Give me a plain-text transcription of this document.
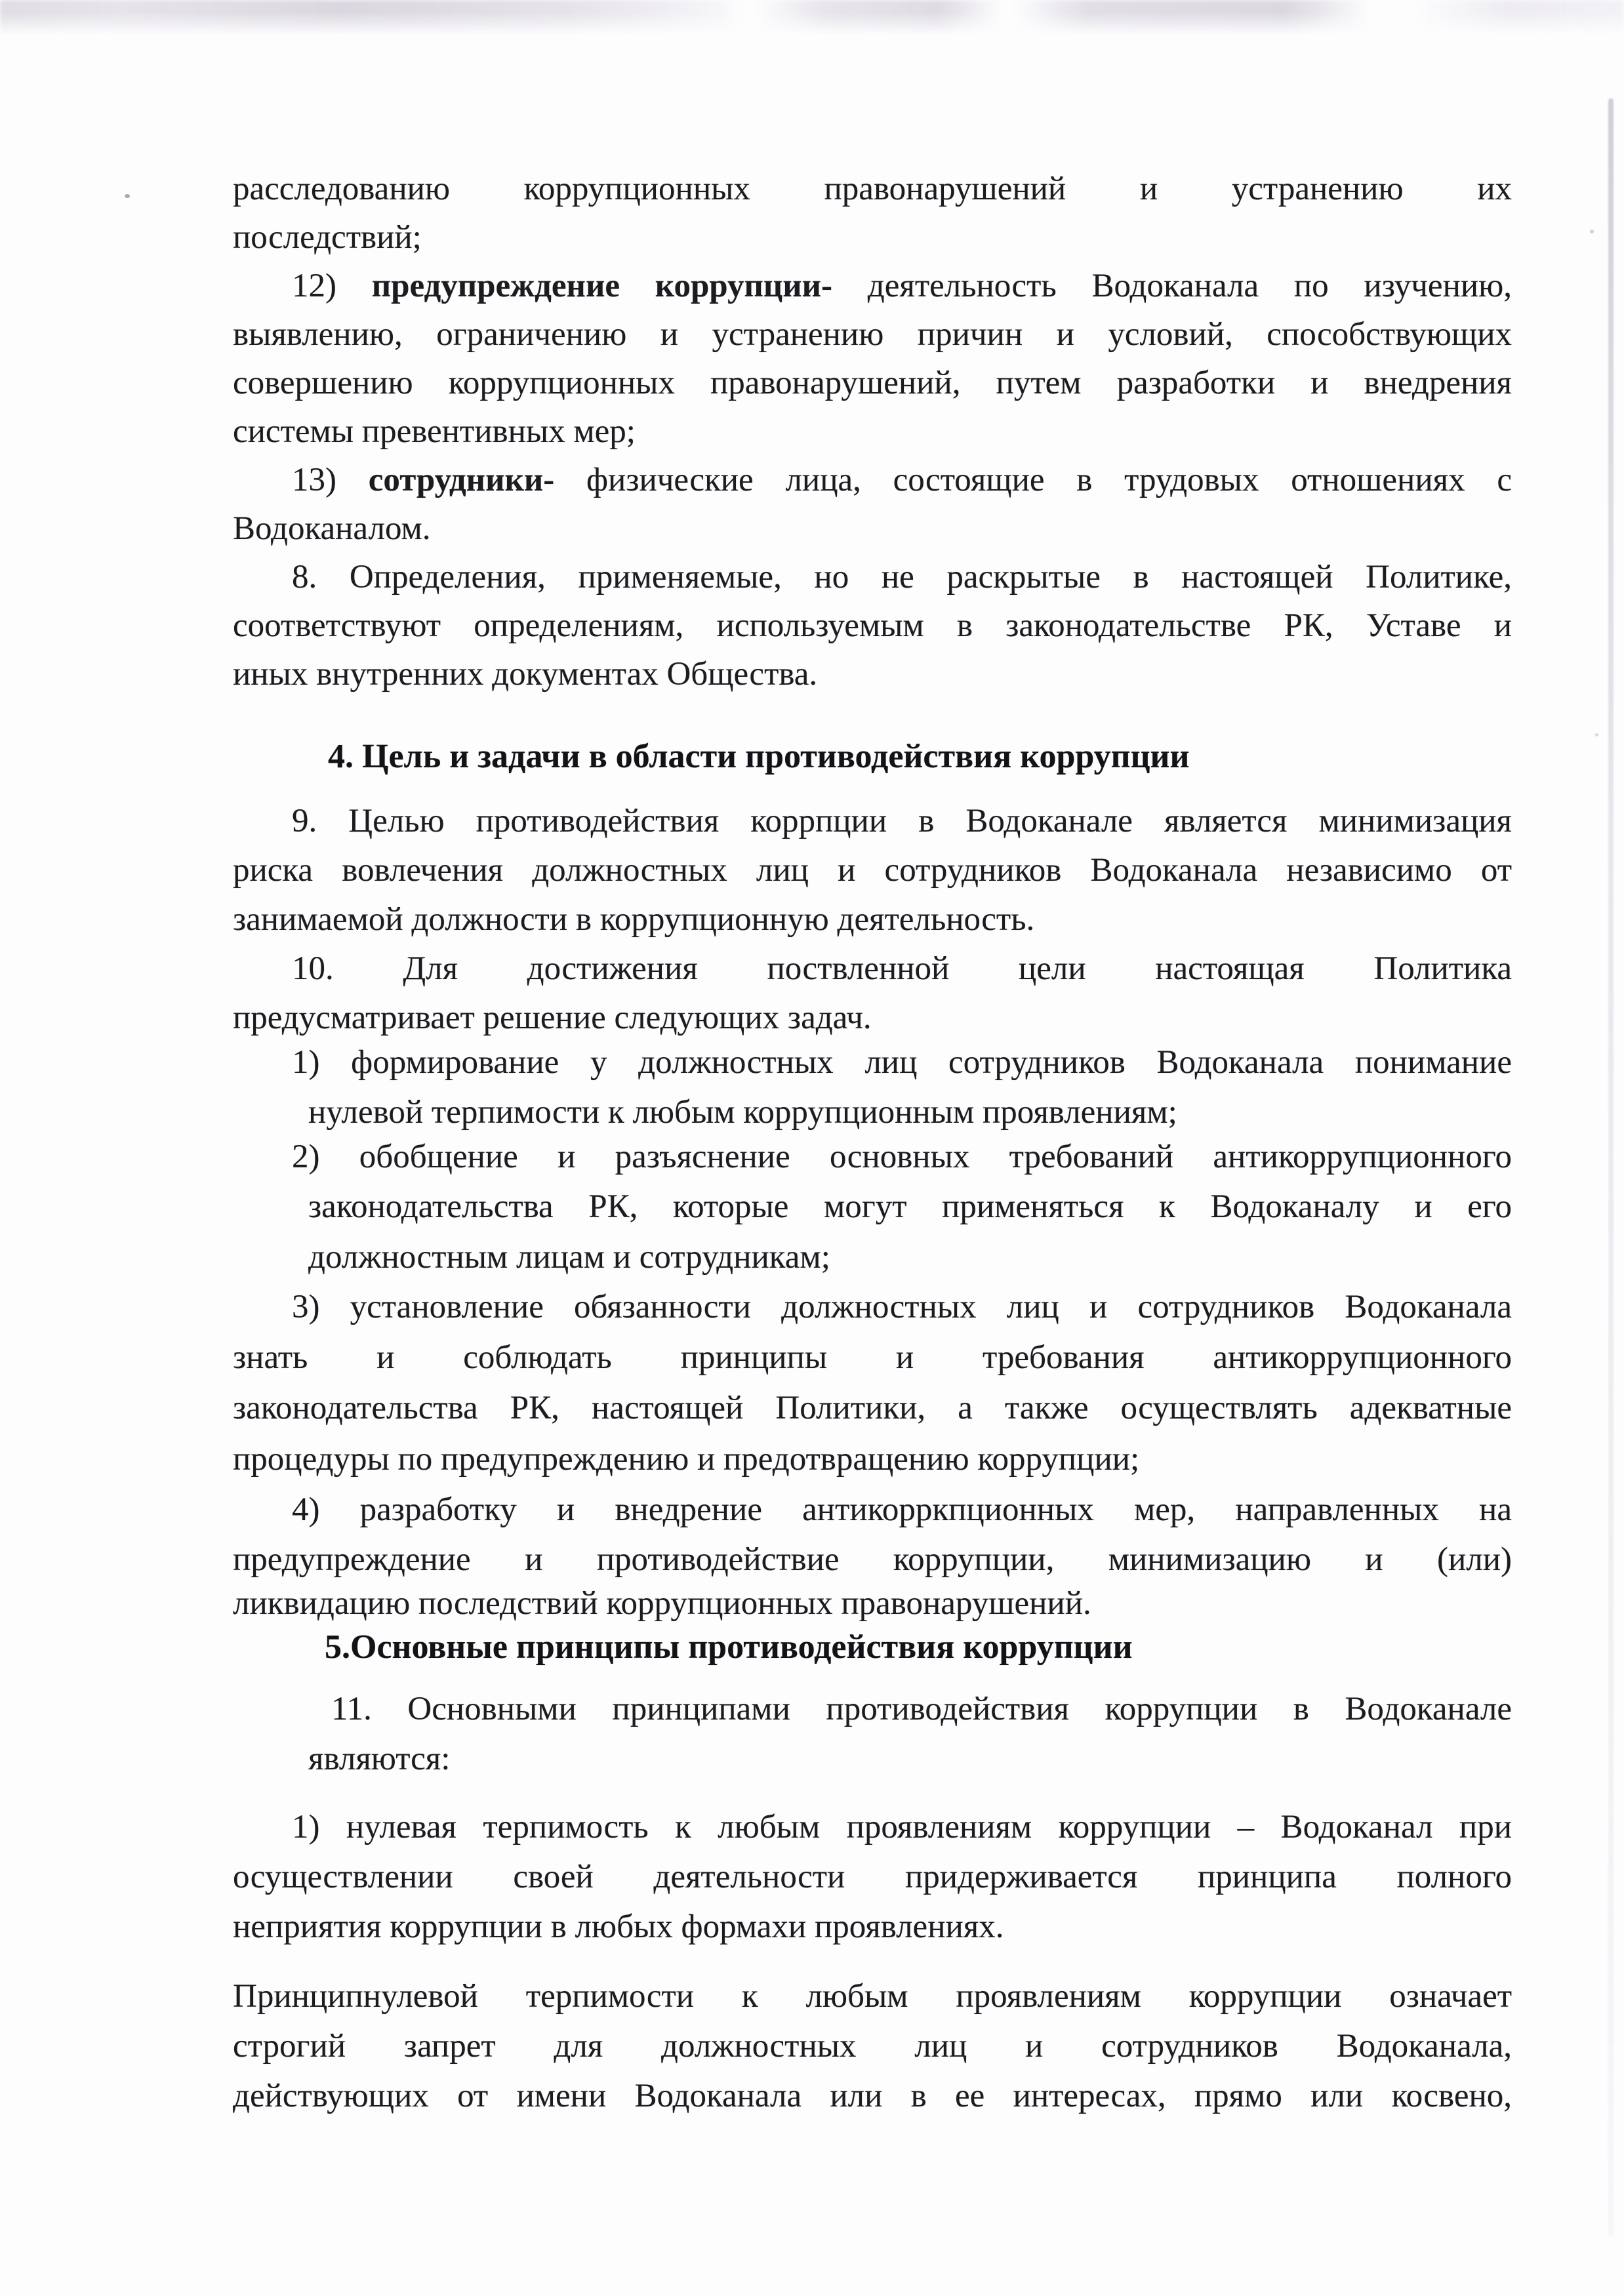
расследованию коррупционных правонарушений и устранению их
последствий;
12) предупреждение коррупции- деятельность Водоканала по изучению,
выявлению, ограничению и устранению причин и условий, способствующих
совершению коррупционных правонарушений, путем разработки и внедрения
системы превентивных мер;
13) сотрудники- физические лица, состоящие в трудовых отношениях с
Водоканалом.
8. Определения, применяемые, но не раскрытые в настоящей Политике,
соответствуют определениям, используемым в законодательстве РК, Уставе и
иных внутренних документах Общества.
4. Цель и задачи в области противодействия коррупции
9. Целью противодействия коррпции в Водоканале является минимизация
риска вовлечения должностных лиц и сотрудников Водоканала независимо от
занимаемой должности в коррупционную деятельность.
10. Для достижения поствленной цели настоящая Политика
предусматривает решение следующих задач.
1) формирование у должностных лиц сотрудников Водоканала понимание
нулевой терпимости к любым коррупционным проявлениям;
2) обобщение и разъяснение основных требований антикоррупционного
законодательства РК, которые могут применяться к Водоканалу и его
должностным лицам и сотрудникам;
3) установление обязанности должностных лиц и сотрудников Водоканала
знать и соблюдать принципы и требования антикоррупционного
законодательства РК, настоящей Политики, а также осуществлять адекватные
процедуры по предупреждению и предотвращению коррупции;
4) разработку и внедрение антикорркпционных мер, направленных на
предупреждение и противодействие коррупции, минимизацию и (или)
ликвидацию последствий коррупционных правонарушений.
5.Основные принципы противодействия коррупции
11. Основными принципами противодействия коррупции в Водоканале
являются:
1) нулевая терпимость к любым проявлениям коррупции – Водоканал при
осуществлении своей деятельности придерживается принципа полного
неприятия коррупции в любых формахи проявлениях.
Принципнулевой терпимости к любым проявлениям коррупции означает
строгий запрет для должностных лиц и сотрудников Водоканала,
действующих от имени Водоканала или в ее интересах, прямо или косвено,
